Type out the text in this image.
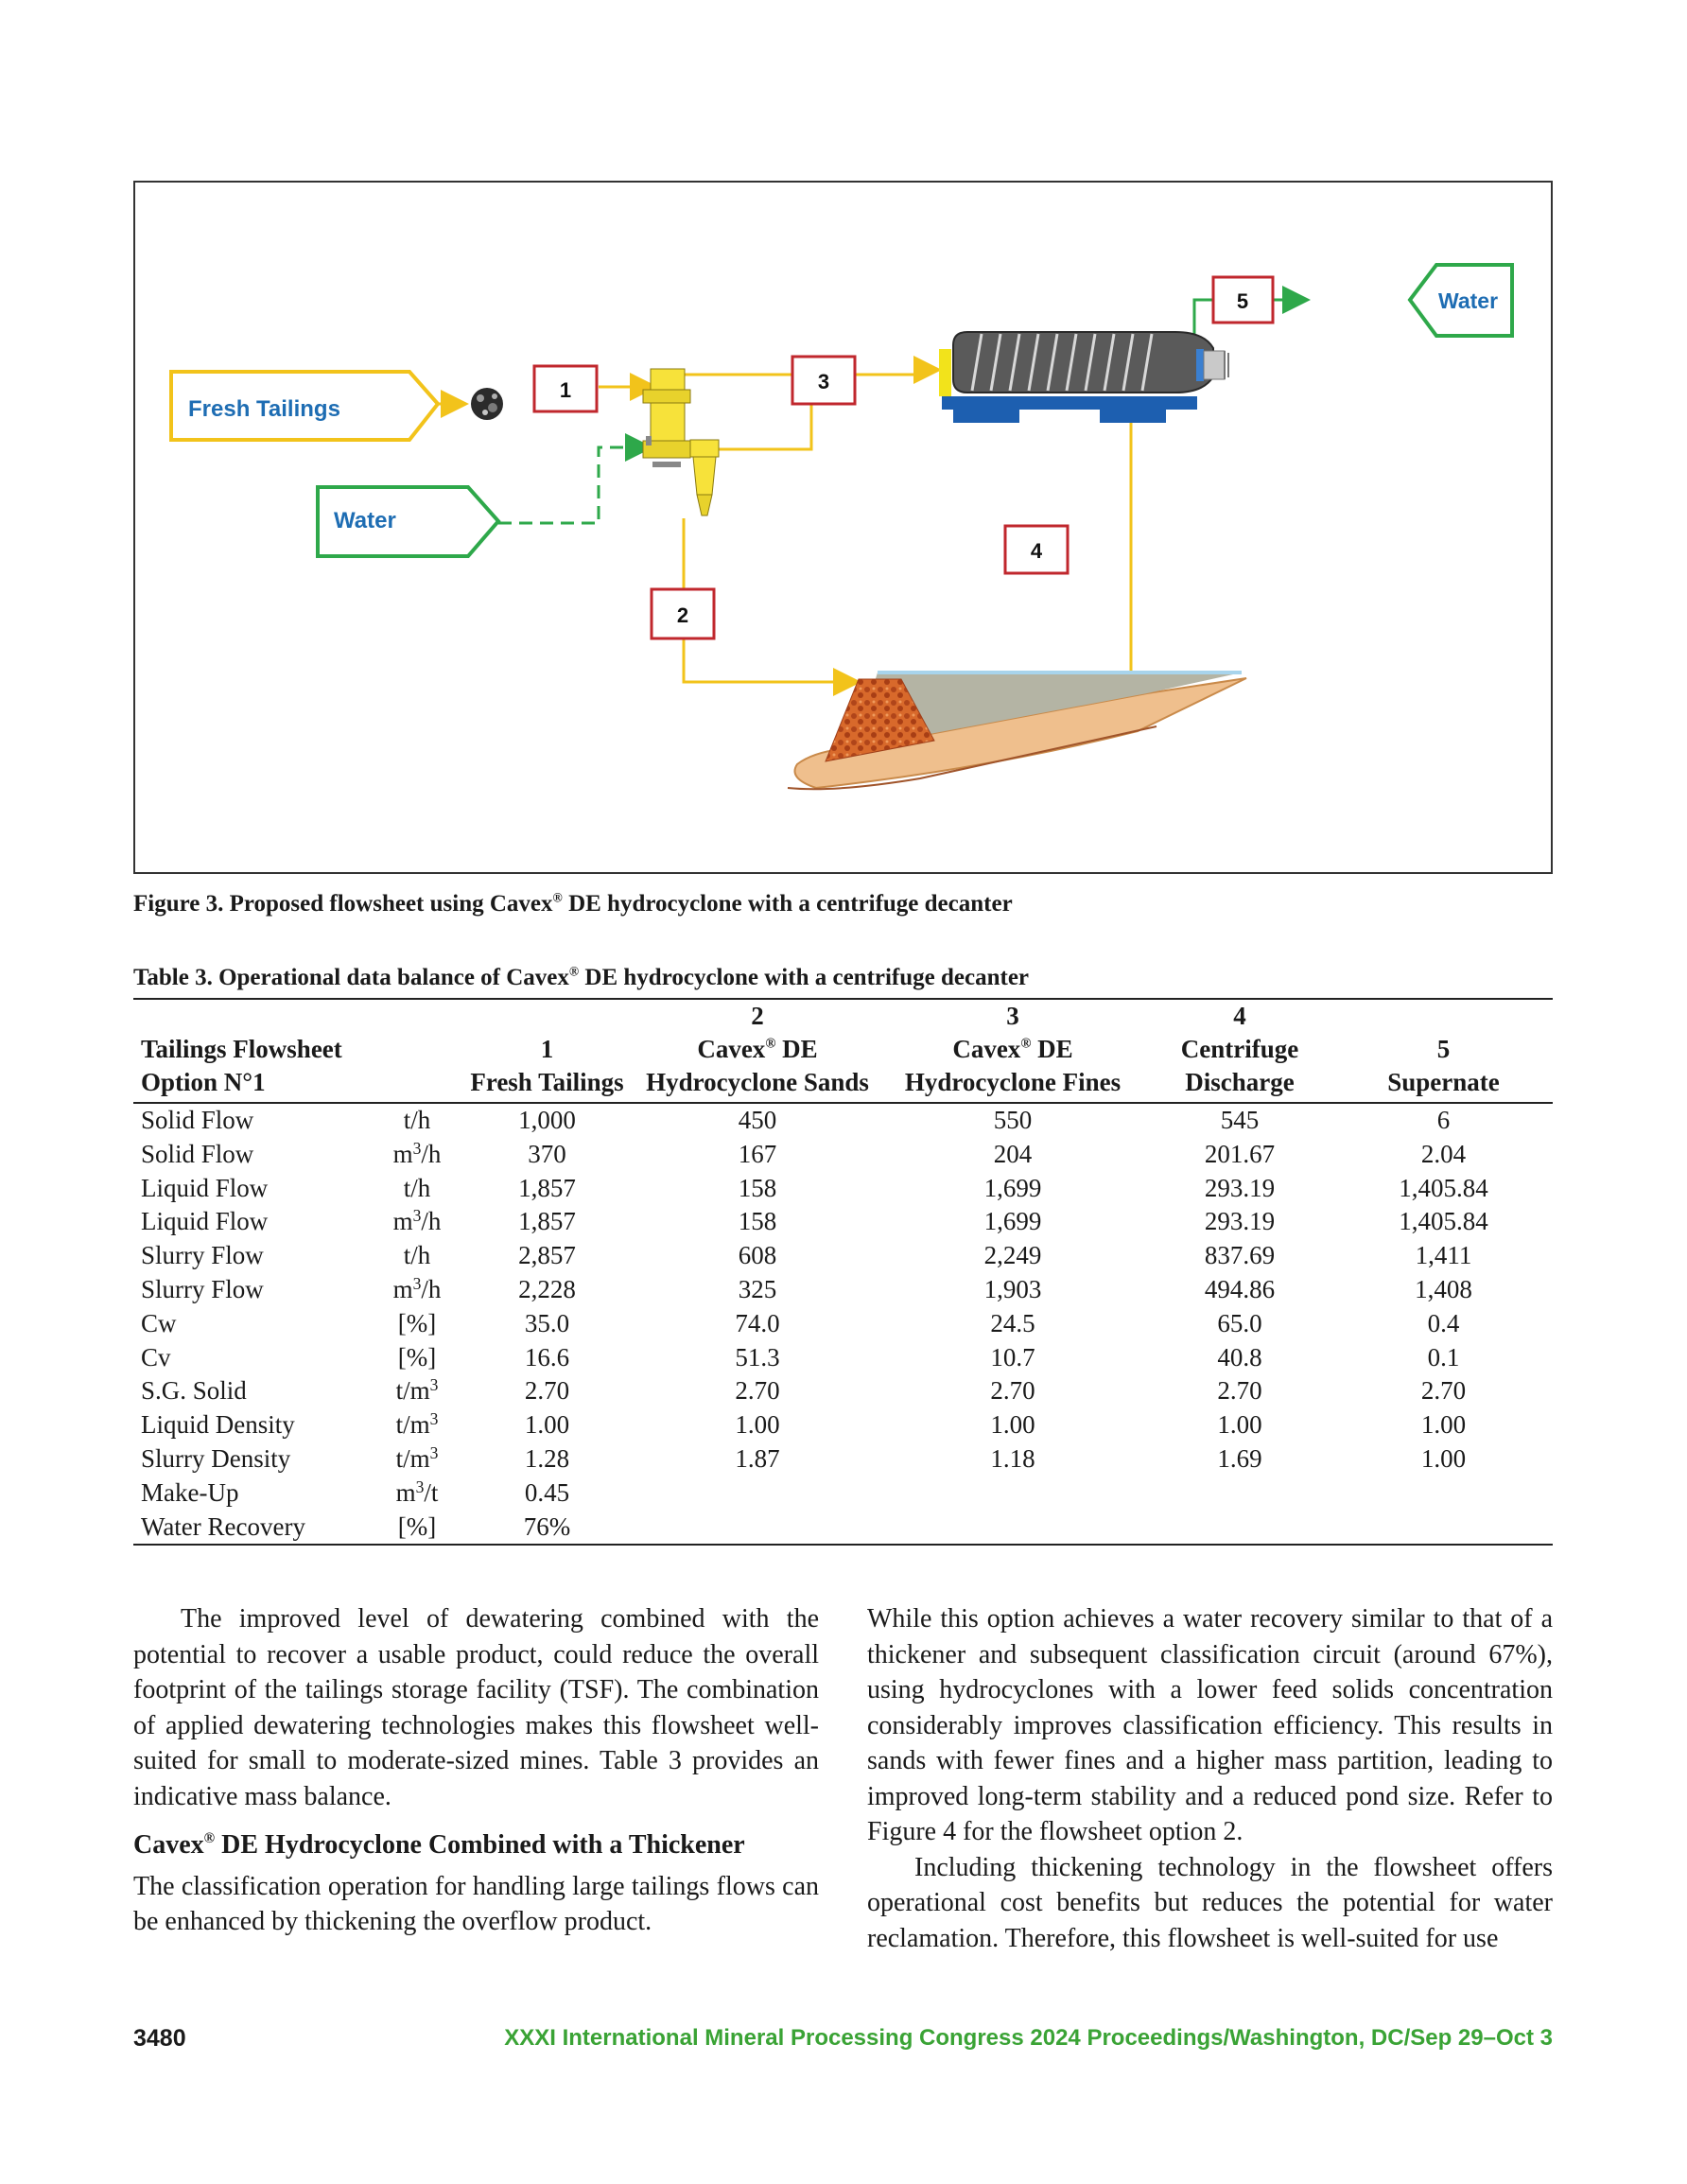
Fresh Tailings
Water
Water
1
2
3
4
5
Figure 3. Proposed flowsheet using Cavex® DE hydrocyclone with a centrifuge decanter
Table 3. Operational data balance of Cavex® DE hydrocyclone with a centrifuge decanter
			2	3	4	
Tailings Flowsheet		1	Cavex® DE	Cavex® DE	Centrifuge	5
Option N°1		Fresh Tailings	Hydrocyclone Sands	Hydrocyclone Fines	Discharge	Supernate
Solid Flow	t/h	1,000	450	550	545	6
Solid Flow	$m^3/h$	370	167	204	201.67	2.04
Liquid Flow	t/h	1,857	158	1,699	293.19	1,405.84
Liquid Flow	$m^3/h$	1,857	158	1,699	293.19	1,405.84
Slurry Flow	t/h	2,857	608	2,249	837.69	1,411
Slurry Flow	$m^3/h$	2,228	325	1,903	494.86	1,408
Cw	[%]	35.0	74.0	24.5	65.0	0.4
Cv	[%]	16.6	51.3	10.7	40.8	0.1
S.G. Solid	$t/m^3$	2.70	2.70	2.70	2.70	2.70
Liquid Density	$t/m^3$	1.00	1.00	1.00	1.00	1.00
Slurry Density	$t/m^3$	1.28	1.87	1.18	1.69	1.00
Make-Up	$m^3/t$	0.45				
Water Recovery	[%]	76%				

The improved level of dewatering combined with the potential to recover a usable product, could reduce the overall footprint of the tailings storage facility (TSF). The combination of applied dewatering technologies makes this flowsheet well-suited for small to moderate-sized mines. Table 3 provides an indicative mass balance.

Cavex® DE Hydrocyclone Combined with a Thickener

The classification operation for handling large tailings flows can be enhanced by thickening the overflow product.

While this option achieves a water recovery similar to that of a thickener and subsequent classification circuit (around 67%), using hydrocyclones with a lower feed solids concentration considerably improves classification efficiency. This results in sands with fewer fines and a higher mass partition, leading to improved long-term stability and a reduced pond size. Refer to Figure 4 for the flowsheet option 2.

Including thickening technology in the flowsheet offers operational cost benefits but reduces the potential for water reclamation. Therefore, this flowsheet is well-suited for use

3480	XXXI International Mineral Processing Congress 2024 Proceedings/Washington, DC/Sep 29–Oct 3
